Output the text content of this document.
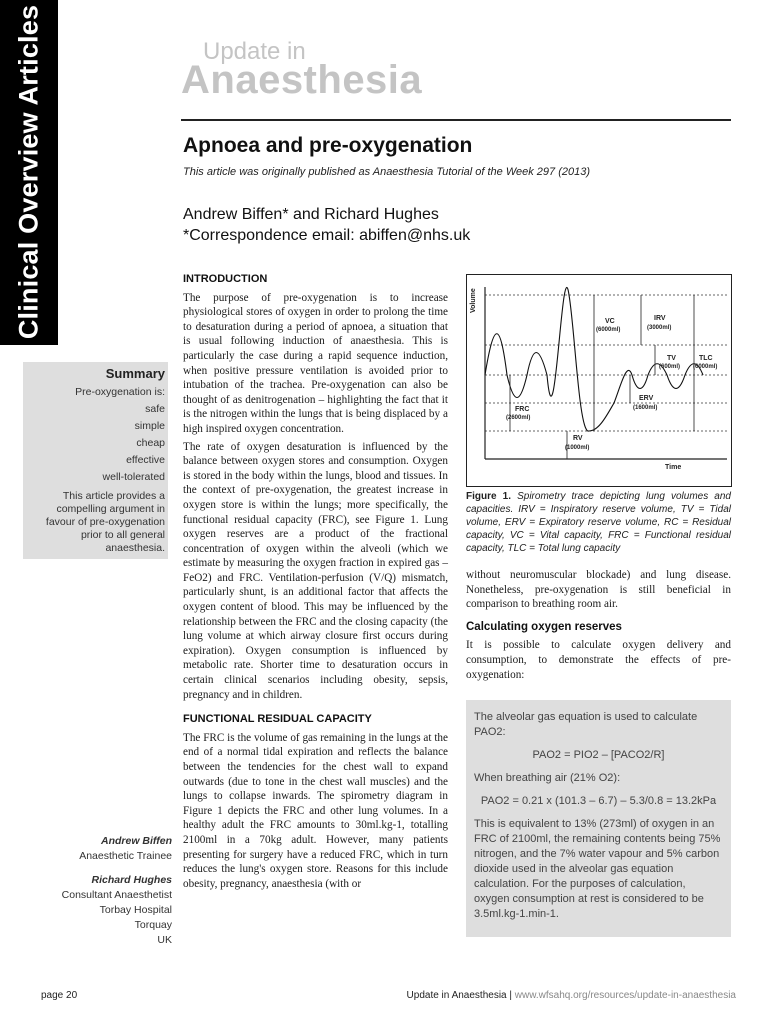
Clinical Overview Articles	Update in
Anaesthesia
Apnoea and pre-oxygenation
This article was originally published as Anaesthesia Tutorial of the Week 297 (2013)
Andrew Biffen* and Richard Hughes
*Correspondence email: abiffen@nhs.uk
Summary
Pre-oxygenation is:
safe
simple
cheap
effective
well-tolerated
This article provides a compelling argument in favour of pre-oxygenation prior to all general anaesthesia.
Andrew Biffen
Anaesthetic Trainee
Richard Hughes
Consultant Anaesthetist
Torbay Hospital
Torquay
UK
INTRODUCTION

The purpose of pre-oxygenation is to increase physiological stores of oxygen in order to prolong the time to desaturation during a period of apnoea, a situation that is usual following induction of anaesthesia. This is particularly the case during a rapid sequence induction, when positive pressure ventilation is avoided prior to intubation of the trachea. Pre-oxygenation can also be thought of as denitrogenation – highlighting the fact that it is the nitrogen within the lungs that is being displaced by a high inspired oxygen concentration.

The rate of oxygen desaturation is influenced by the balance between oxygen stores and consumption. Oxygen is stored in the body within the lungs, blood and tissues. In the context of pre-oxygenation, the greatest increase in oxygen store is within the lungs; more specifically, the functional residual capacity (FRC), see Figure 1. Lung oxygen reserves are a product of the fractional concentration of oxygen within the alveoli (which we estimate by measuring the oxygen fraction in expired gas – FeO2) and FRC. Ventilation-perfusion (V/Q) mismatch, particularly shunt, is an additional factor that affects the oxygen content of blood. This may be influenced by the relationship between the FRC and the closing capacity (the lung volume at which airway closure first occurs during expiration). Oxygen consumption is influenced by metabolic rate. Shorter time to desaturation occurs in certain clinical scenarios including obesity, sepsis, pregnancy and in children.

FUNCTIONAL RESIDUAL CAPACITY

The FRC is the volume of gas remaining in the lungs at the end of a normal tidal expiration and reflects the balance between the tendencies for the chest wall to expand outwards (due to tone in the chest wall muscles) and the lungs to collapse inwards. The spirometry diagram in Figure 1 depicts the FRC and other lung volumes. In a healthy adult the FRC amounts to 30ml.kg-1, totalling 2100ml in a 70kg adult. However, many patients presenting for surgery have a reduced FRC, which in turn reduces the lung's oxygen store. Reasons for this include obesity, pregnancy, anaesthesia (with or

Volume
Time
VC
(6000ml)
IRV
(3000ml)
TV
(600ml)
TLC
(6000ml)
ERV
(1600ml)
FRC
(2600ml)
RV
(1000ml)
Figure 1. Spirometry trace depicting lung volumes and capacities. IRV = Inspiratory reserve volume, TV = Tidal volume, ERV = Expiratory reserve volume, RC = Residual capacity, VC = Vital capacity, FRC = Functional residual capacity, TLC = Total lung capacity

without neuromuscular blockade) and lung disease. Nonetheless, pre-oxygenation is still beneficial in comparison to breathing room air.

Calculating oxygen reserves

It is possible to calculate oxygen delivery and consumption, to demonstrate the effects of pre-oxygenation:

The alveolar gas equation is used to calculate PAO2:

PAO2 = PIO2 – [PACO2/R]

When breathing air (21% O2):

PAO2 = 0.21 x (101.3 – 6.7) – 5.3/0.8 = 13.2kPa

This is equivalent to 13% (273ml) of oxygen in an FRC of 2100ml, the remaining contents being 75% nitrogen, and the 7% water vapour and 5% carbon dioxide used in the alveolar gas equation calculation. For the purposes of calculation, oxygen consumption at rest is considered to be 3.5ml.kg-1.min-1.

page 20	Update in Anaesthesia | www.wfsahq.org/resources/update-in-anaesthesia
